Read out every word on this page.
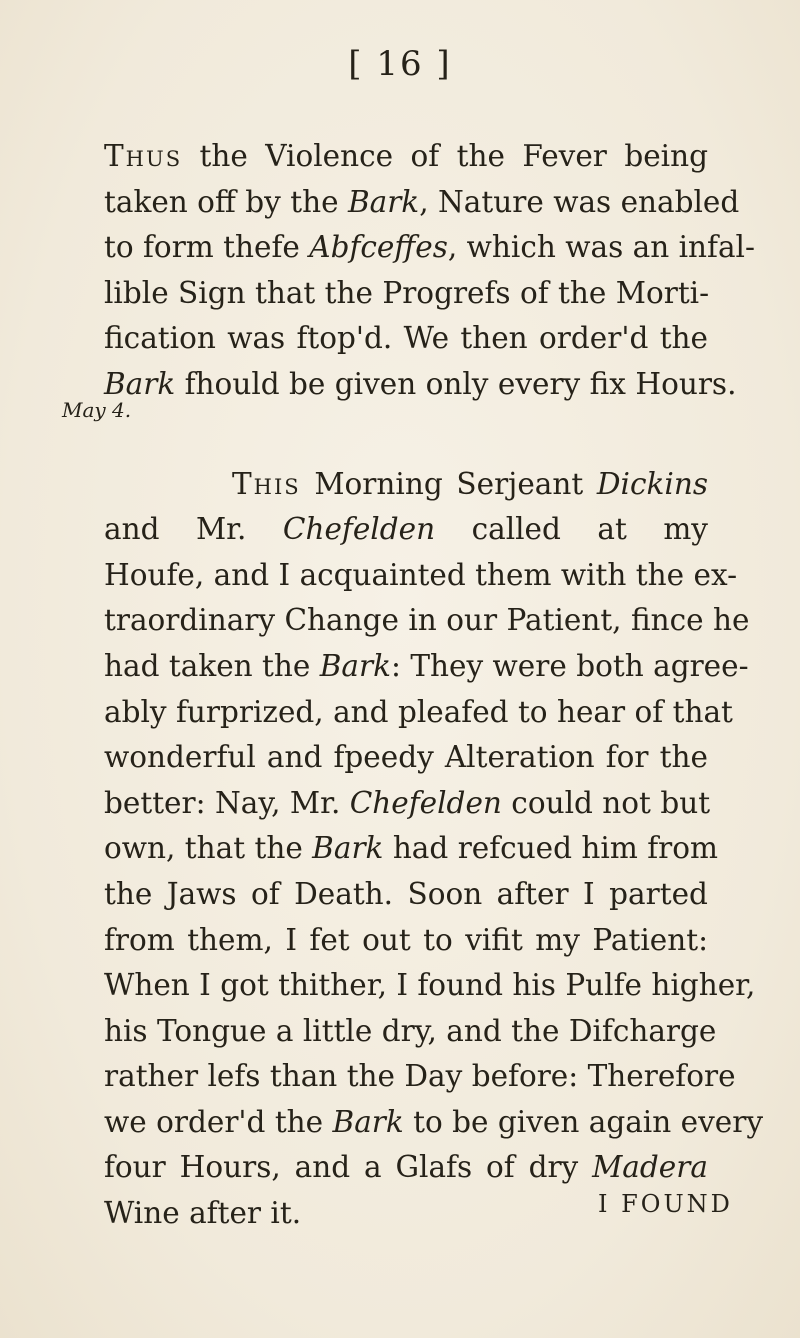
[ 16 ]
May 4.
Thus the Violence of the Fever being
taken off by the Bark, Nature was enabled
to form thefe Abfceffes, which was an infal-
lible Sign that the Progrefs of the Morti-
fication was ftop'd. We then order'd the
Bark fhould be given only every fix Hours.
This Morning Serjeant Dickins
and Mr. Chefelden called at my
Houfe, and I acquainted them with the ex-
traordinary Change in our Patient, fince he
had taken the Bark: They were both agree-
ably furprized, and pleafed to hear of that
wonderful and fpeedy Alteration for the
better: Nay, Mr. Chefelden could not but
own, that the Bark had refcued him from
the Jaws of Death. Soon after I parted
from them, I fet out to vifit my Patient:
When I got thither, I found his Pulfe higher,
his Tongue a little dry, and the Difcharge
rather lefs than the Day before: Therefore
we order'd the Bark to be given again every
four Hours, and a Glafs of dry Madera
Wine after it.	I FOUND
